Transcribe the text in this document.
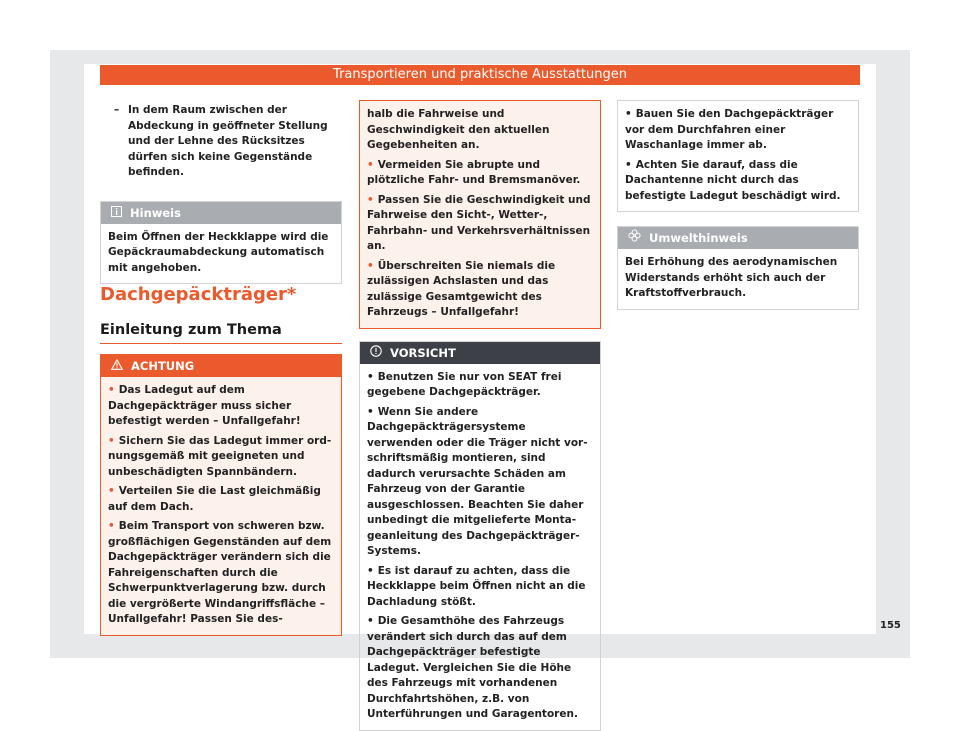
Transportieren und praktische Ausstattungen
– In dem Raum zwischen der Abdeckung in geöffneter Stellung und der Lehne des Rücksitzes dürfen sich keine Gegenstände befinden.
Hinweis
Beim Öffnen der Heckklappe wird die Gepäckraumabdeckung automatisch mit angehoben.
Dachgepäckträger*
Einleitung zum Thema
ACHTUNG
• Das Ladegut auf dem Dachgepäckträger muss sicher befestigt werden – Unfallgefahr!
• Sichern Sie das Ladegut immer ordnungsgemäß mit geeigneten und unbeschädigten Spannbändern.
• Verteilen Sie die Last gleichmäßig auf dem Dach.
• Beim Transport von schweren bzw. großflächigen Gegenständen auf dem Dachgepäckträger verändern sich die Fahreigenschaften durch die Schwerpunktverlagerung bzw. durch die vergrößerte Windangriffsfläche – Unfallgefahr! Passen Sie des-
halb die Fahrweise und Geschwindigkeit den aktuellen Gegebenheiten an.
• Vermeiden Sie abrupte und plötzliche Fahr- und Bremsmanöver.
• Passen Sie die Geschwindigkeit und Fahrweise den Sicht-, Wetter-, Fahrbahn- und Verkehrsverhältnissen an.
• Überschreiten Sie niemals die zulässigen Achslasten und das zulässige Gesamtgewicht des Fahrzeugs – Unfallgefahr!
VORSICHT
• Benutzen Sie nur von SEAT frei gegebene Dachgepäckträger.
• Wenn Sie andere Dachgepäckträgersysteme verwenden oder die Träger nicht vorschriftsmäßig montieren, sind dadurch verursachte Schäden am Fahrzeug von der Garantie ausgeschlossen. Beachten Sie daher unbedingt die mitgelieferte Montageanleitung des Dachgepäckträger-Systems.
• Es ist darauf zu achten, dass die Heckklappe beim Öffnen nicht an die Dachladung stößt.
• Die Gesamthöhe des Fahrzeugs verändert sich durch das auf dem Dachgepäckträger befestigte Ladegut. Vergleichen Sie die Höhe des Fahrzeugs mit vorhandenen Durchfahrtshöhen, z.B. von Unterführungen und Garagentoren.
• Bauen Sie den Dachgepäckträger vor dem Durchfahren einer Waschanlage immer ab.
• Achten Sie darauf, dass die Dachantenne nicht durch das befestigte Ladegut beschädigt wird.
Umwelthinweis
Bei Erhöhung des aerodynamischen Widerstands erhöht sich auch der Kraftstoffverbrauch.
155
